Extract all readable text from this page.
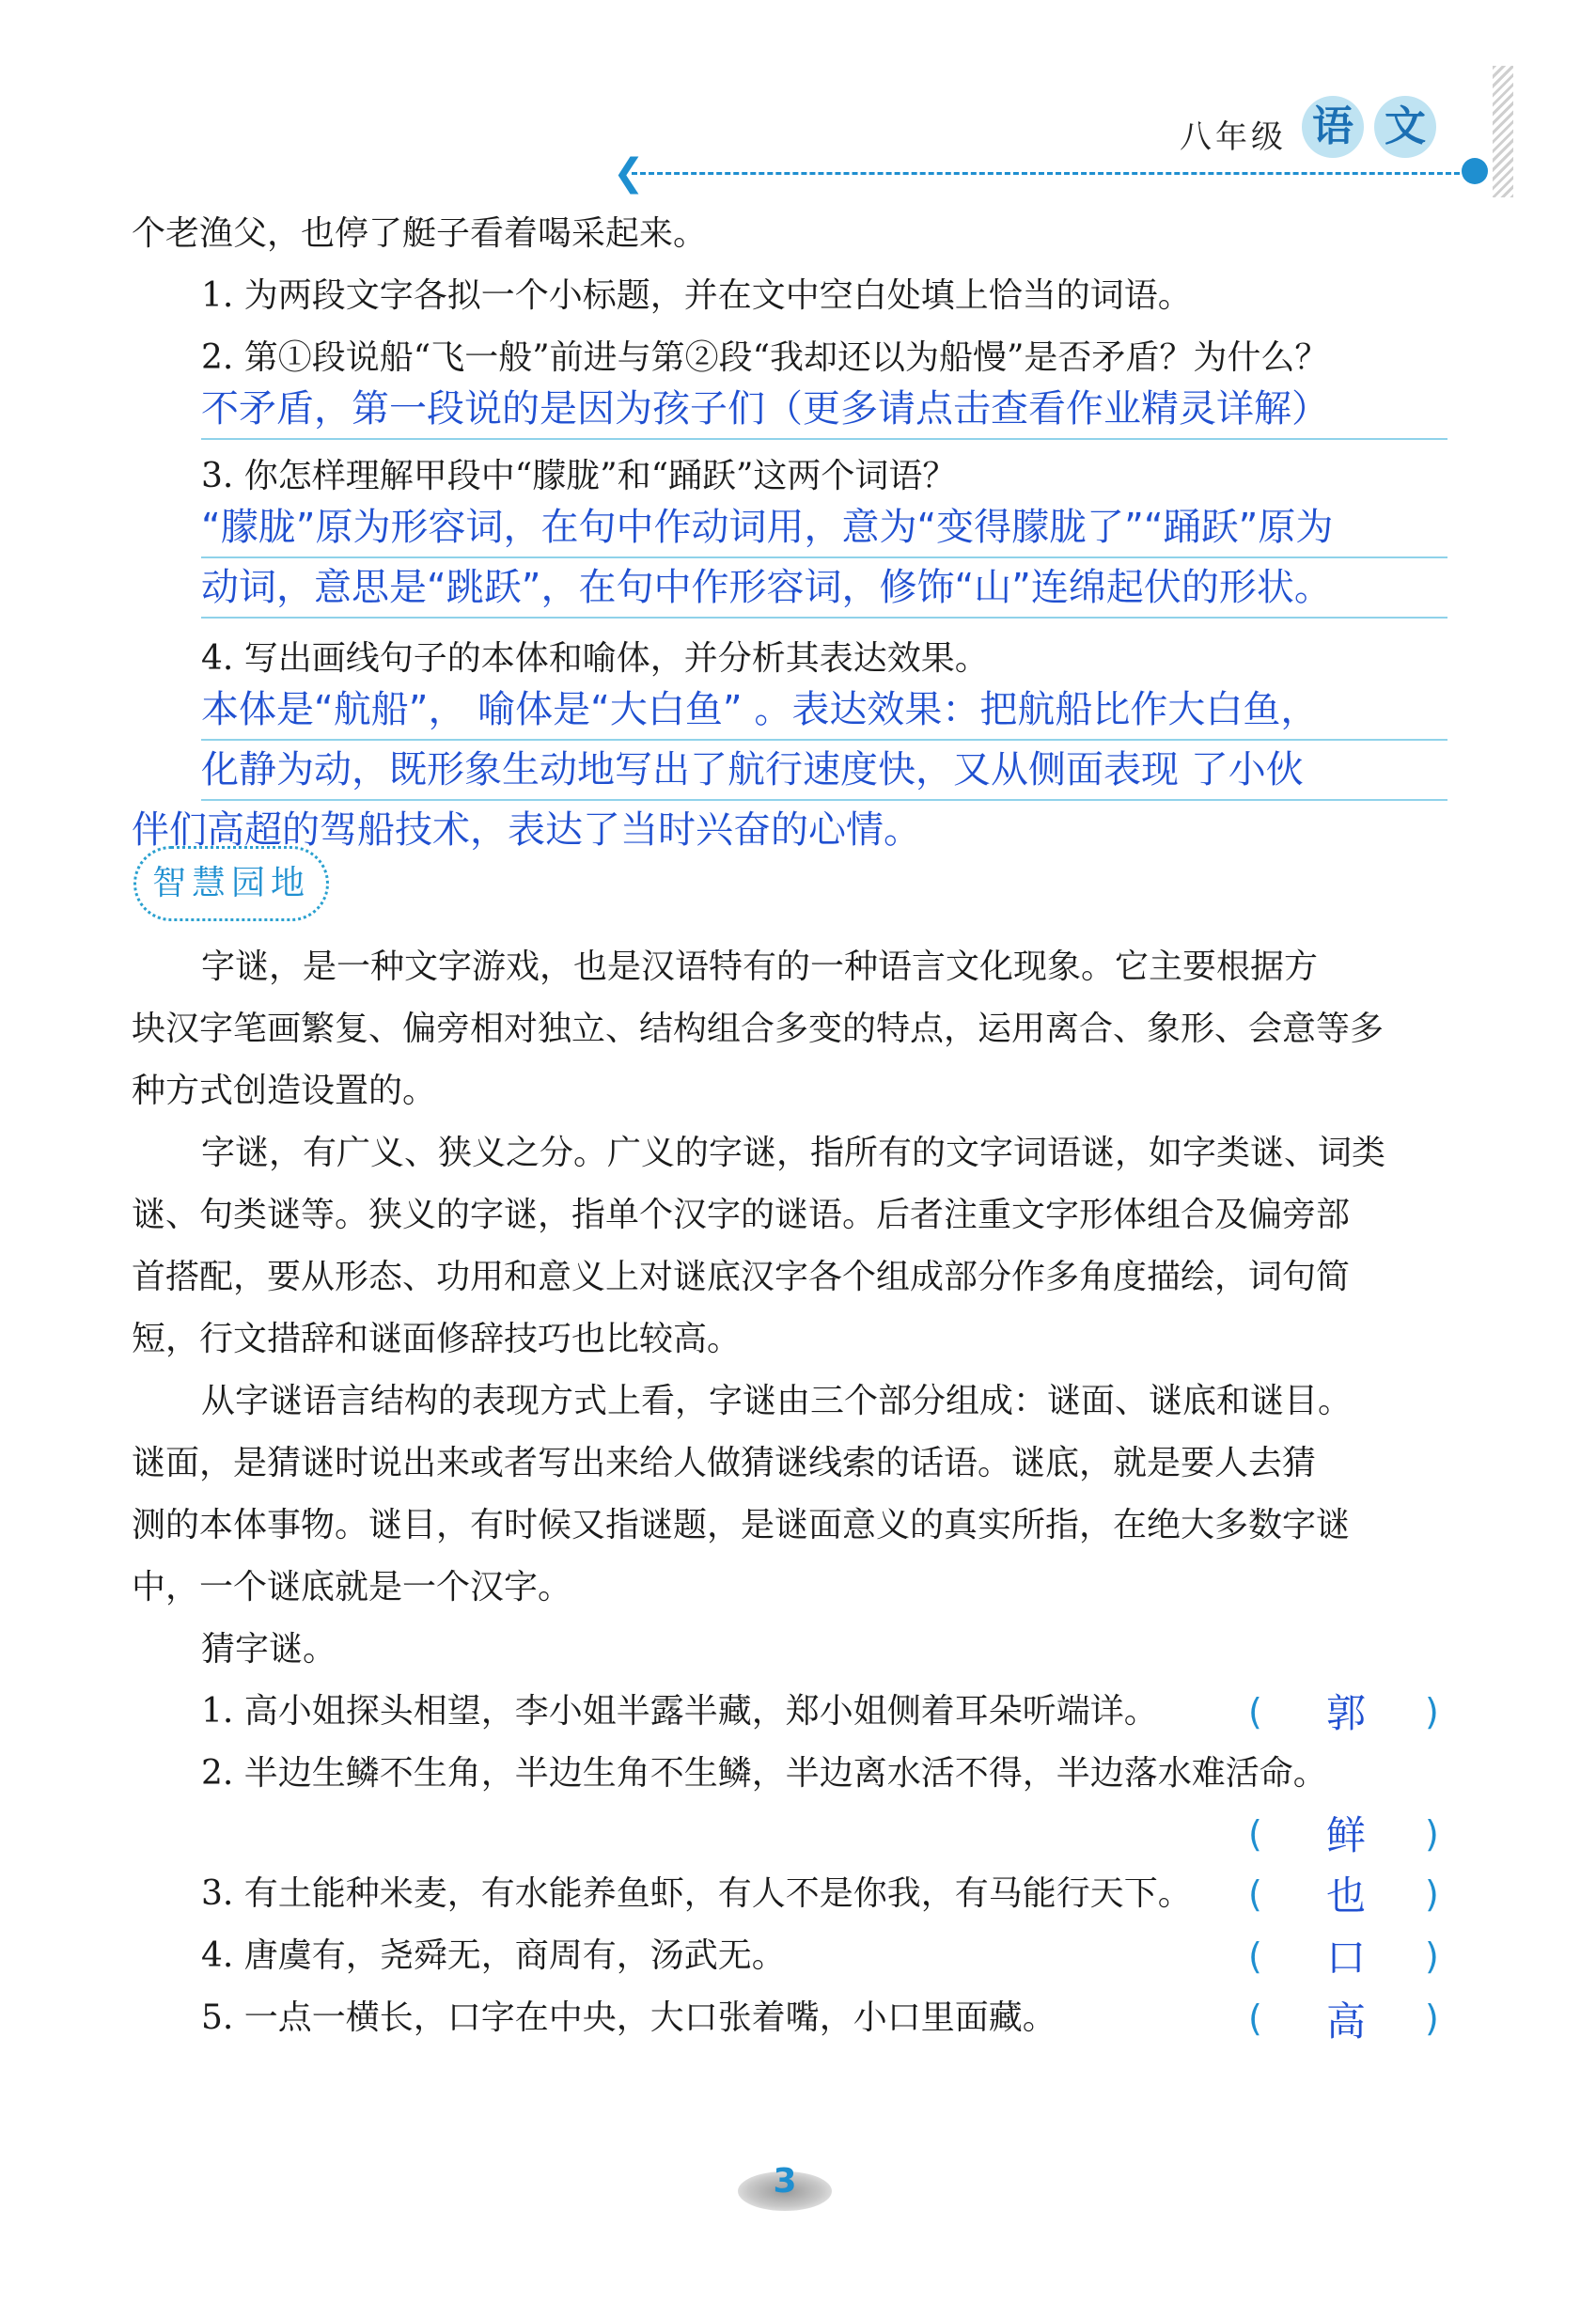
八年级 语 文
❮
个老渔父，也停了艇子看着喝采起来。
1. 为两段文字各拟一个小标题，并在文中空白处填上恰当的词语。
2. 第①段说船“飞一般”前进与第②段“我却还以为船慢”是否矛盾？为什么？
不矛盾，第一段说的是因为孩子们（更多请点击查看作业精灵详解）
3. 你怎样理解甲段中“朦胧”和“踊跃”这两个词语？
“朦胧”原为形容词，在句中作动词用，意为“变得朦胧了”“踊跃”原为
动词，意思是“跳跃”，在句中作形容词，修饰“山”连绵起伏的形状。
4. 写出画线句子的本体和喻体，并分析其表达效果。
本体是“航船”， 喻体是“大白鱼” 。表达效果：把航船比作大白鱼，
化静为动，既形象生动地写出了航行速度快，又从侧面表现 了小伙
伴们高超的驾船技术，表达了当时兴奋的心情。
智慧园地
字谜，是一种文字游戏，也是汉语特有的一种语言文化现象。它主要根据方
块汉字笔画繁复、偏旁相对独立、结构组合多变的特点，运用离合、象形、会意等多
种方式创造设置的。
字谜，有广义、狭义之分。广义的字谜，指所有的文字词语谜，如字类谜、词类
谜、句类谜等。狭义的字谜，指单个汉字的谜语。后者注重文字形体组合及偏旁部
首搭配，要从形态、功用和意义上对谜底汉字各个组成部分作多角度描绘，词句简
短，行文措辞和谜面修辞技巧也比较高。
从字谜语言结构的表现方式上看，字谜由三个部分组成：谜面、谜底和谜目。
谜面，是猜谜时说出来或者写出来给人做猜谜线索的话语。谜底，就是要人去猜
测的本体事物。谜目，有时候又指谜题，是谜面意义的真实所指，在绝大多数字谜
中，一个谜底就是一个汉字。
猜字谜。
1. 高小姐探头相望，李小姐半露半藏，郑小姐侧着耳朵听端详。	(	郭	)
2. 半边生鳞不生角，半边生角不生鳞，半边离水活不得，半边落水难活命。
(	鲜	)
3. 有土能种米麦，有水能养鱼虾，有人不是你我，有马能行天下。 (	也	)
4. 唐虞有，尧舜无，商周有，汤武无。	(	口	)
5. 一点一横长，口字在中央，大口张着嘴，小口里面藏。	(	高	)
3
